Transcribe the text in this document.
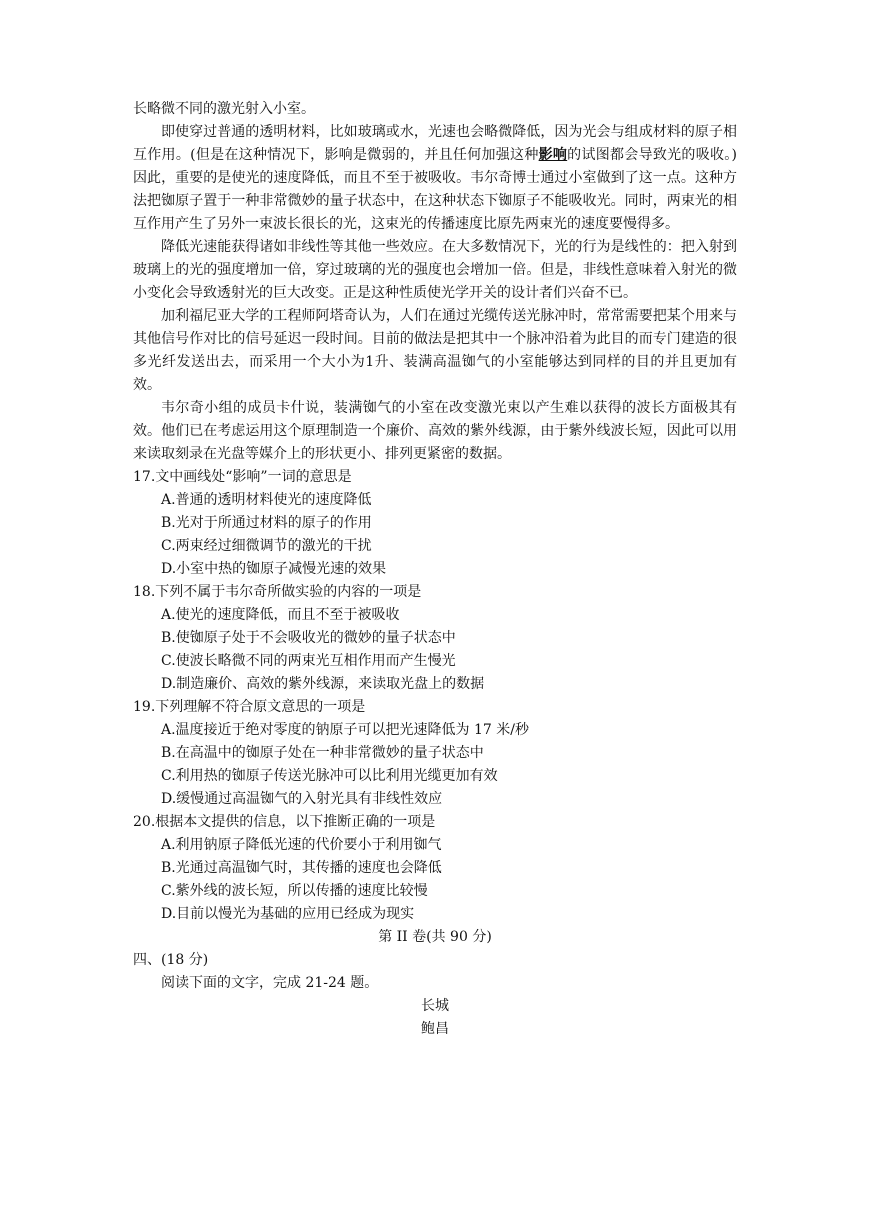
长略微不同的激光射入小室。

即使穿过普通的透明材料，比如玻璃或水，光速也会略微降低，因为光会与组成材料的原子相互作用。(但是在这种情况下，影响是微弱的，并且任何加强这种影响的试图都会导致光的吸收。)因此，重要的是使光的速度降低，而且不至于被吸收。韦尔奇博士通过小室做到了这一点。这种方法把铷原子置于一种非常微妙的量子状态中，在这种状态下铷原子不能吸收光。同时，两束光的相互作用产生了另外一束波长很长的光，这束光的传播速度比原先两束光的速度要慢得多。

降低光速能获得诸如非线性等其他一些效应。在大多数情况下，光的行为是线性的：把入射到玻璃上的光的强度增加一倍，穿过玻璃的光的强度也会增加一倍。但是，非线性意味着入射光的微小变化会导致透射光的巨大改变。正是这种性质使光学开关的设计者们兴奋不已。

加利福尼亚大学的工程师阿塔奇认为，人们在通过光缆传送光脉冲时，常常需要把某个用来与其他信号作对比的信号延迟一段时间。目前的做法是把其中一个脉冲沿着为此目的而专门建造的很多光纤发送出去，而采用一个大小为1升、装满高温铷气的小室能够达到同样的目的并且更加有效。

韦尔奇小组的成员卡什说，装满铷气的小室在改变激光束以产生难以获得的波长方面极其有效。他们已在考虑运用这个原理制造一个廉价、高效的紫外线源，由于紫外线波长短，因此可以用来读取刻录在光盘等媒介上的形状更小、排列更紧密的数据。

17.文中画线处“影响”一词的意思是

A.普通的透明材料使光的速度降低

B.光对于所通过材料的原子的作用

C.两束经过细微调节的激光的干扰

D.小室中热的铷原子减慢光速的效果

18.下列不属于韦尔奇所做实验的内容的一项是

A.使光的速度降低，而且不至于被吸收

B.使铷原子处于不会吸收光的微妙的量子状态中

C.使波长略微不同的两束光互相作用而产生慢光

D.制造廉价、高效的紫外线源，来读取光盘上的数据

19.下列理解不符合原文意思的一项是

A.温度接近于绝对零度的钠原子可以把光速降低为 17 米/秒

B.在高温中的铷原子处在一种非常微妙的量子状态中

C.利用热的铷原子传送光脉冲可以比利用光缆更加有效

D.缓慢通过高温铷气的入射光具有非线性效应

20.根据本文提供的信息，以下推断正确的一项是

A.利用钠原子降低光速的代价要小于利用铷气

B.光通过高温铷气时，其传播的速度也会降低

C.紫外线的波长短，所以传播的速度比较慢

D.目前以慢光为基础的应用已经成为现实

第 II 卷(共 90 分)
四、(18 分)
阅读下面的文字，完成 21-24 题。
长城
鲍昌
